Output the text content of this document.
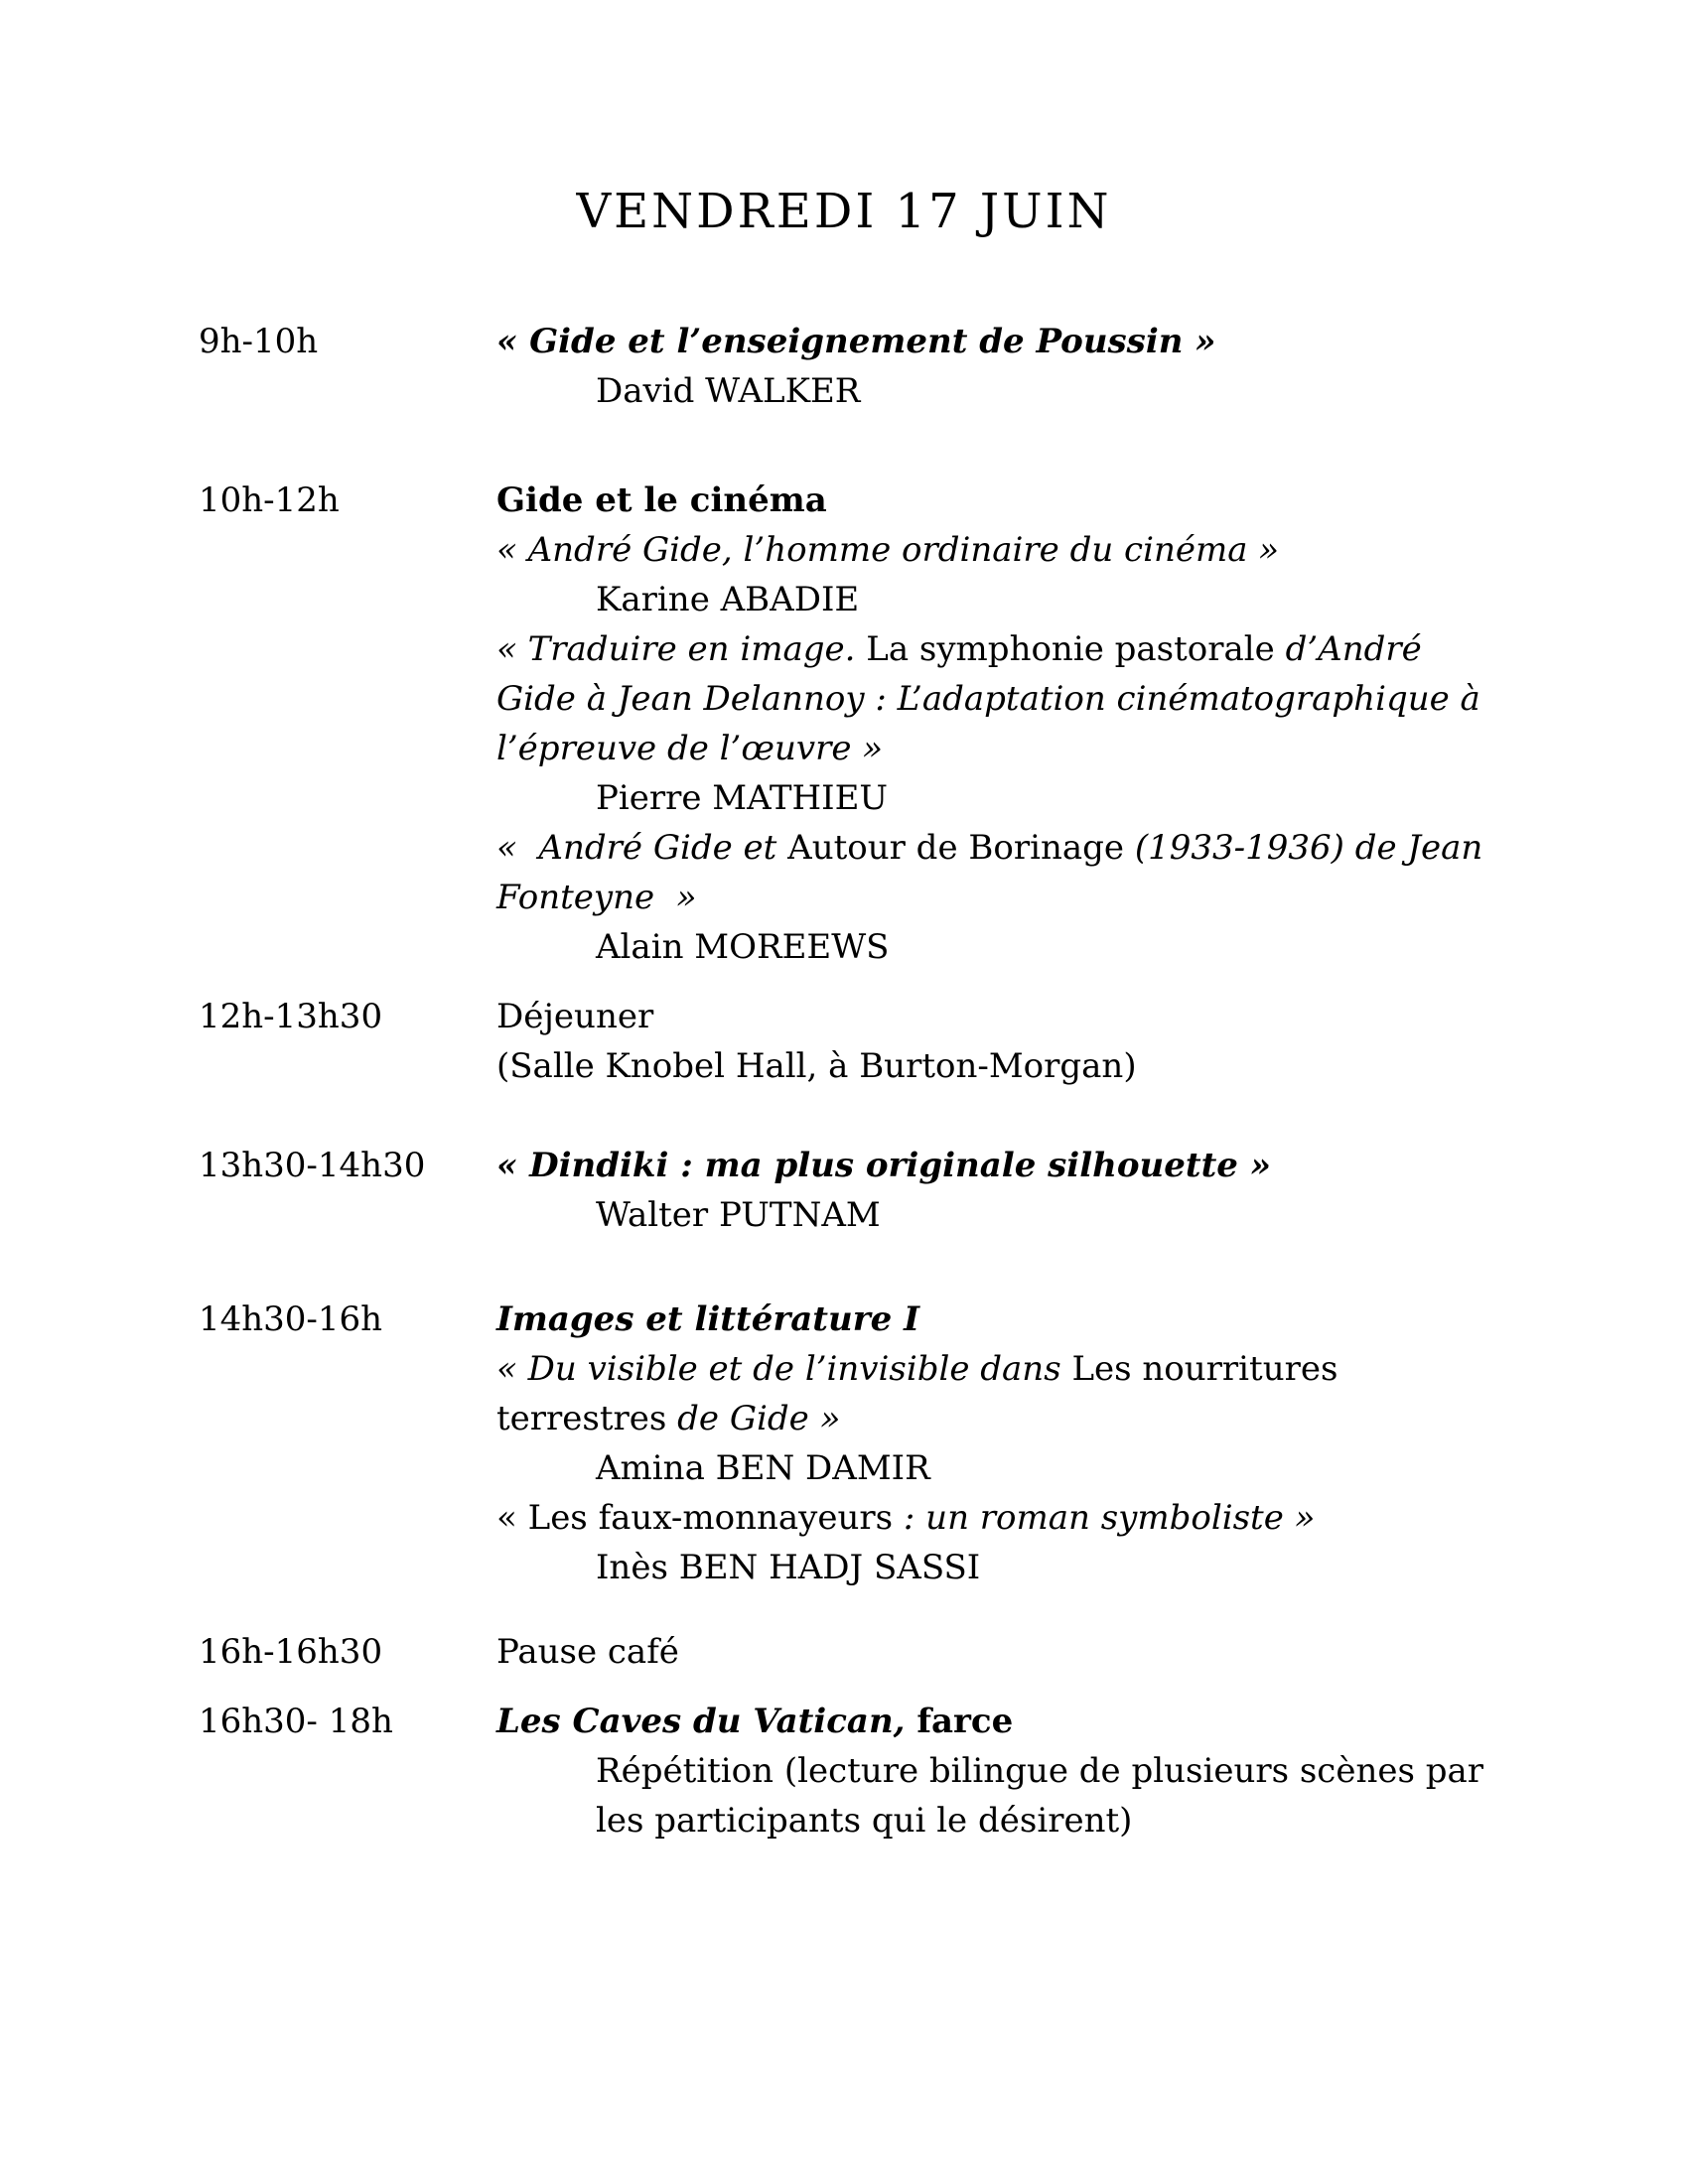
VENDREDI 17 JUIN
9h-10h	« Gide et l’enseignement de Poussin »

David WALKER

10h-12h	Gide et le cinéma

« André Gide, l’homme ordinaire du cinéma »

Karine ABADIE

« Traduire en image. La symphonie pastorale d’André Gide à Jean Delannoy : L’adaptation cinématographique à l’épreuve de l’œuvre »

Pierre MATHIEU

«  André Gide et Autour de Borinage (1933-1936) de Jean Fonteyne  »

Alain MOREEWS

12h-13h30	Déjeuner

(Salle Knobel Hall, à Burton-Morgan)

13h30-14h30	« Dindiki : ma plus originale silhouette »

Walter PUTNAM

14h30-16h	Images et littérature I

« Du visible et de l’invisible dans Les nourritures terrestres de Gide »

Amina BEN DAMIR

« Les faux-monnayeurs : un roman symboliste »

Inès BEN HADJ SASSI

16h-16h30	Pause café

16h30- 18h	Les Caves du Vatican, farce

Répétition (lecture bilingue de plusieurs scènes par les participants qui le désirent)
